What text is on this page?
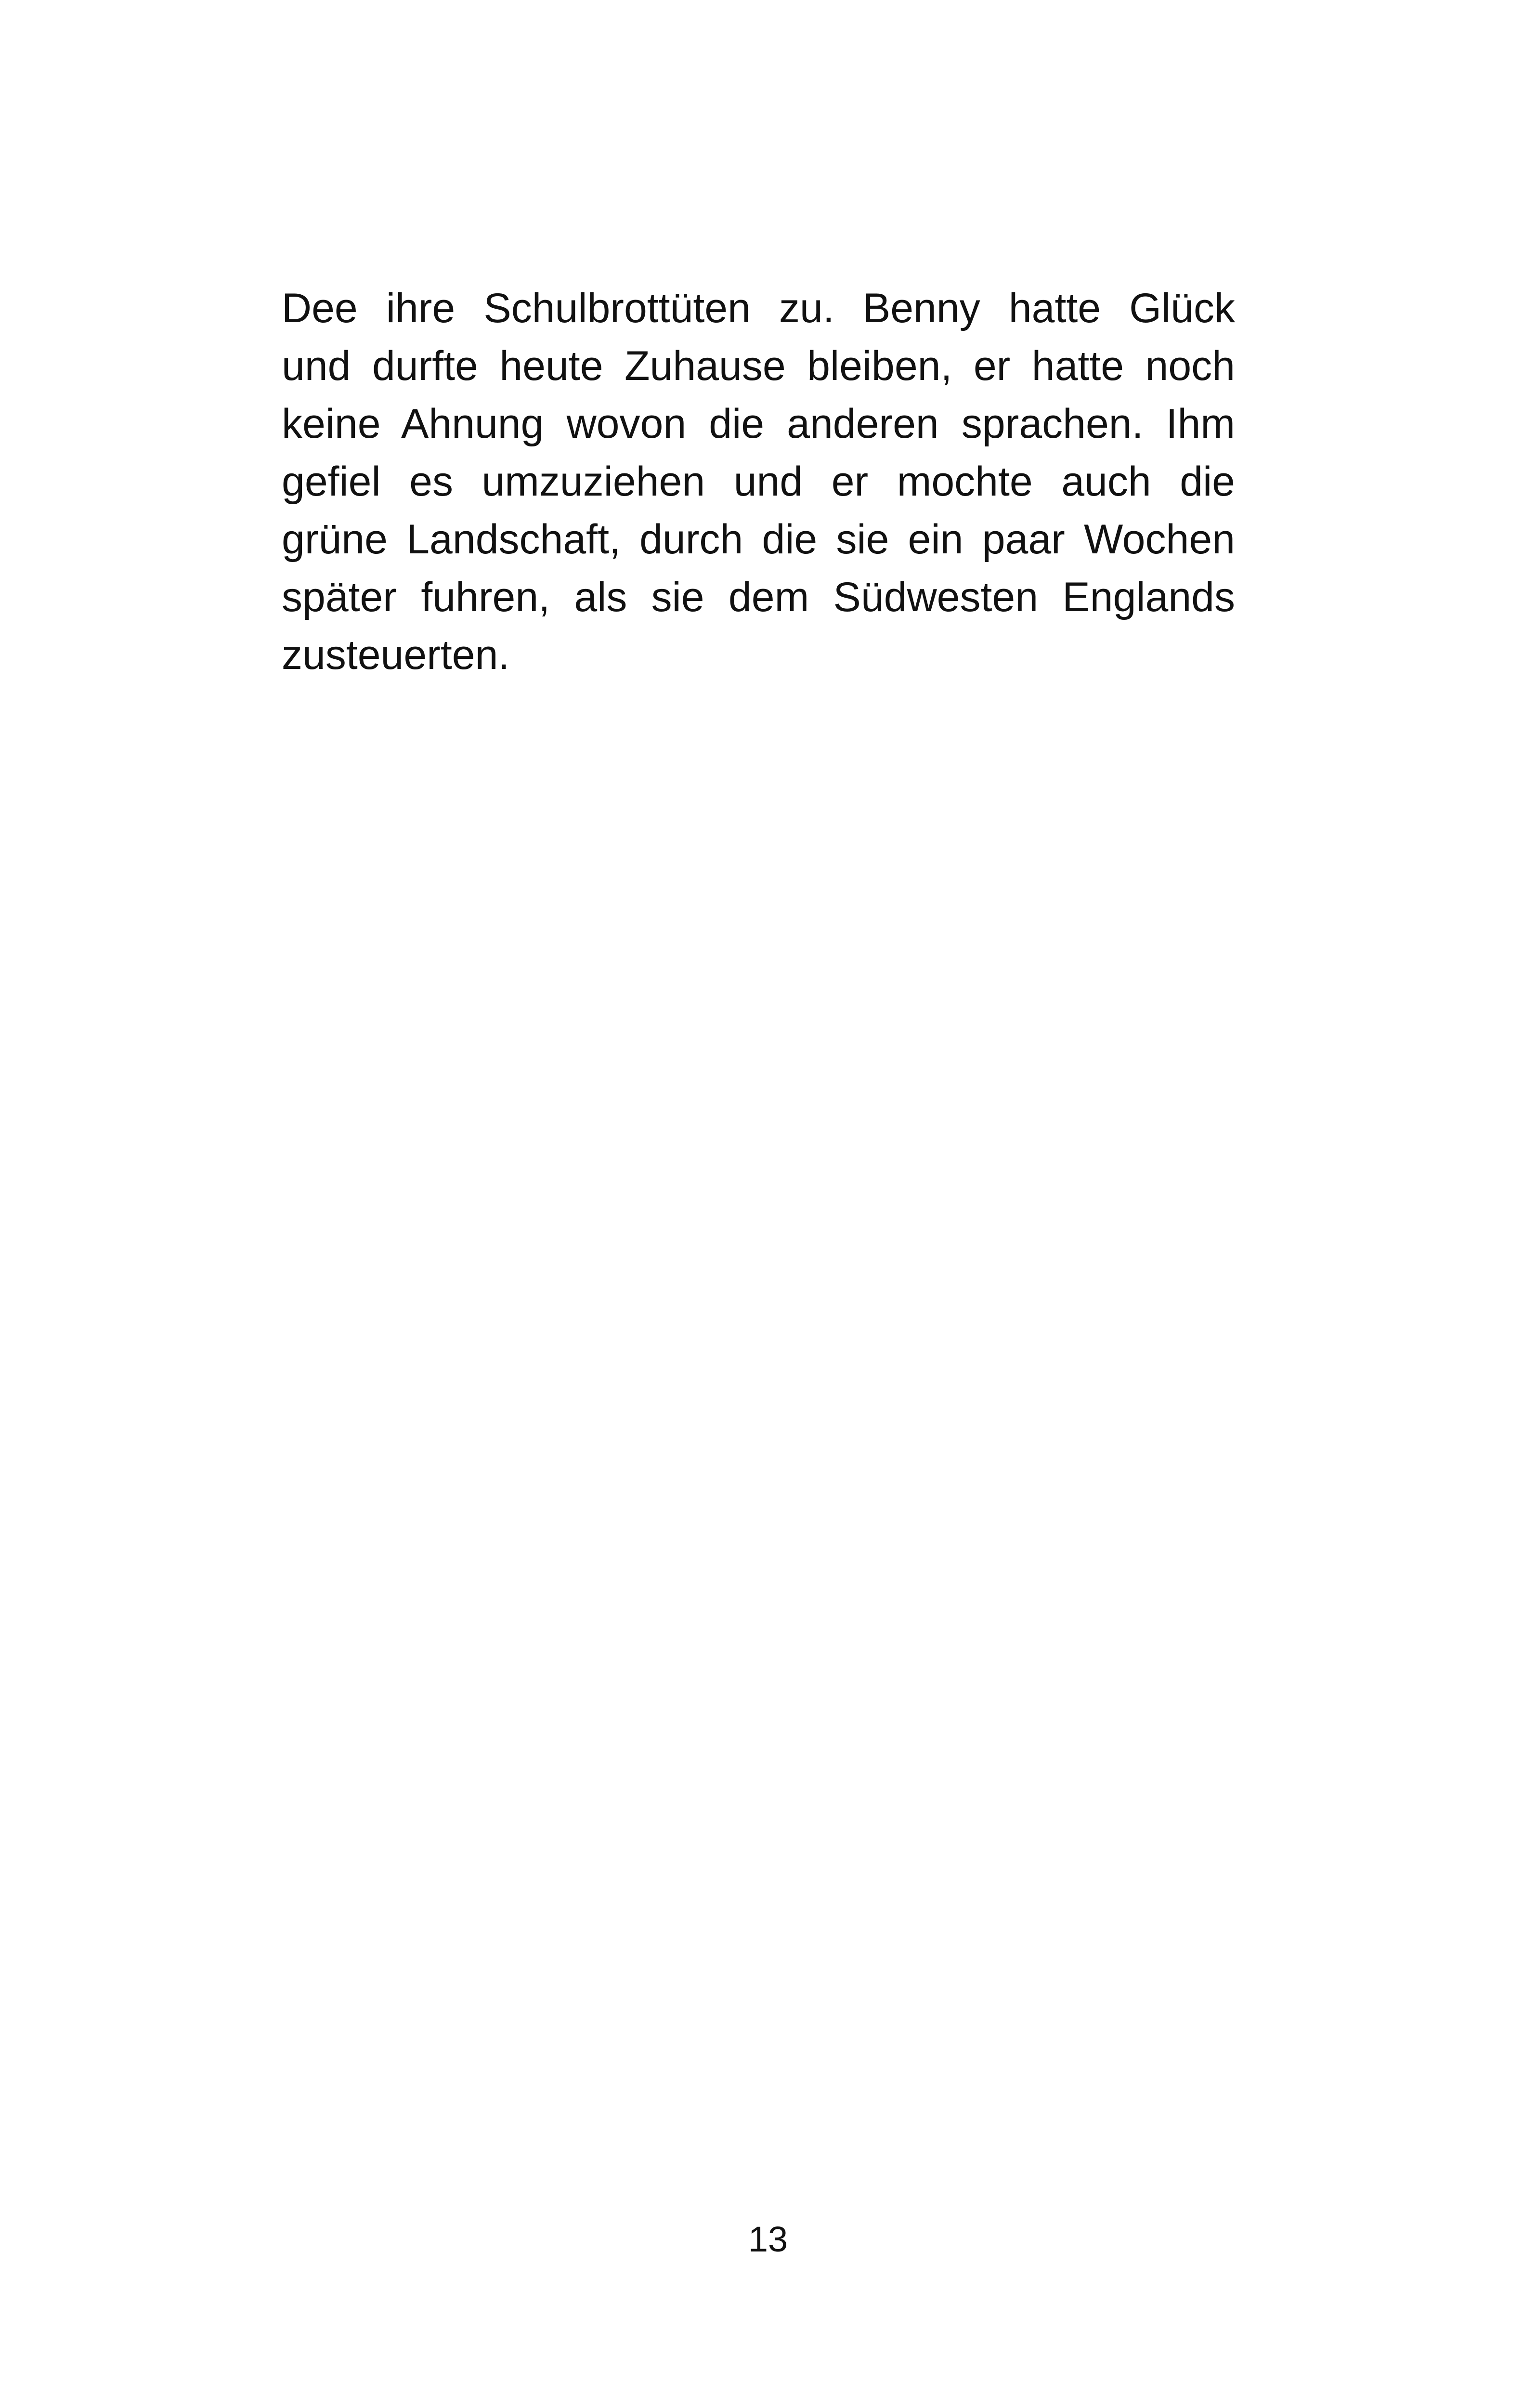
Dee ihre Schulbrottüten zu. Benny hatte Glück
und durfte heute Zuhause bleiben, er hatte noch
keine Ahnung wovon die anderen sprachen. Ihm
gefiel es umzuziehen und er mochte auch die
grüne Landschaft, durch die sie ein paar Wochen
später fuhren, als sie dem Südwesten Englands
zusteuerten.
13
